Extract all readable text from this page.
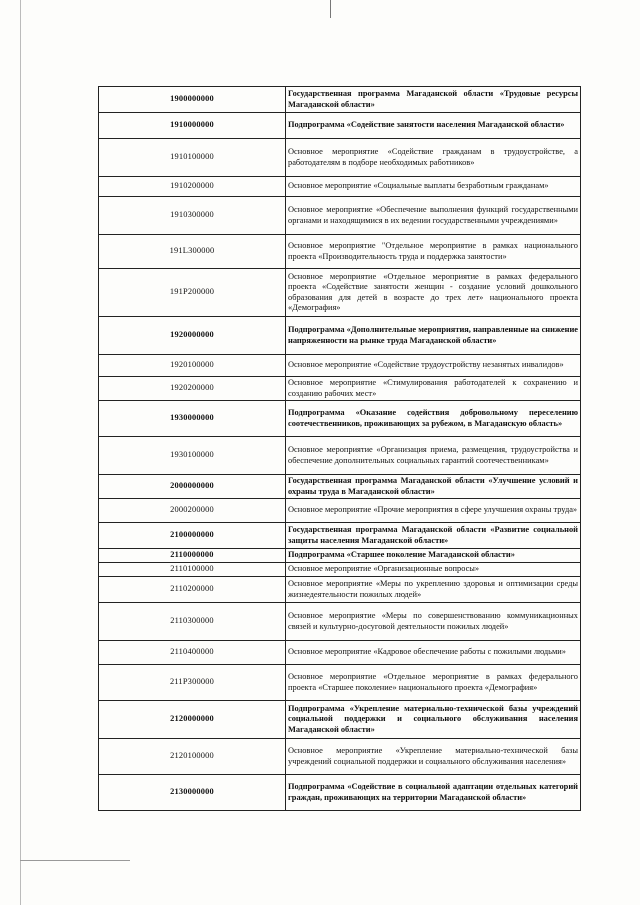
1900000000	Государственная программа Магаданской области «Трудовые ресурсы Магаданской области»
1910000000	Подпрограмма «Содействие занятости населения Магаданской области»
1910100000	Основное мероприятие «Содействие гражданам в трудоустройстве, а работодателям в подборе необходимых работников»
1910200000	Основное мероприятие «Социальные выплаты безработным гражданам»
1910300000	Основное мероприятие «Обеспечение выполнения функций государственными органами и находящимися в их ведении государственными учреждениями»
191L300000	Основное мероприятие "Отдельное мероприятие в рамках национального проекта «Производительность труда и поддержка занятости»
191P200000	Основное мероприятие «Отдельное мероприятие в рамках федерального проекта «Содействие занятости женщин - создание условий дошкольного образования для детей в возрасте до трех лет» национального проекта «Демография»
1920000000	Подпрограмма «Дополнительные мероприятия, направленные на снижение напряженности на рынке труда Магаданской области»
1920100000	Основное мероприятие «Содействие трудоустройству незанятых инвалидов»
1920200000	Основное мероприятие «Стимулирования работодателей к сохранению и созданию рабочих мест»
1930000000	Подпрограмма «Оказание содействия добровольному переселению соотечественников, проживающих за рубежом, в Магаданскую область»
1930100000	Основное мероприятие «Организация приема, размещения, трудоустройства и обеспечение дополнительных социальных гарантий соотечественникам»
2000000000	Государственная программа Магаданской области «Улучшение условий и охраны труда в Магаданской области»
2000200000	Основное мероприятие «Прочие мероприятия в сфере улучшения охраны труда»
2100000000	Государственная программа Магаданской области «Развитие социальной защиты населения Магаданской области»
2110000000	Подпрограмма «Старшее поколение Магаданской области»
2110100000	Основное мероприятие «Организационные вопросы»
2110200000	Основное мероприятие «Меры по укреплению здоровья и оптимизации среды жизнедеятельности пожилых людей»
2110300000	Основное мероприятие «Меры по совершенствованию коммуникационных связей и культурно-досуговой деятельности пожилых людей»
2110400000	Основное мероприятие «Кадровое обеспечение работы с пожилыми людьми»
211P300000	Основное мероприятие «Отдельное мероприятие в рамках федерального проекта «Старшее поколение» национального проекта «Демография»
2120000000	Подпрограмма «Укрепление материально-технической базы учреждений социальной поддержки и социального обслуживания населения Магаданской области»
2120100000	Основное мероприятие «Укрепление материально-технической базы учреждений социальной поддержки и социального обслуживания населения»
2130000000	Подпрограмма «Содействие в социальной адаптации отдельных категорий граждан, проживающих на территории Магаданской области»
